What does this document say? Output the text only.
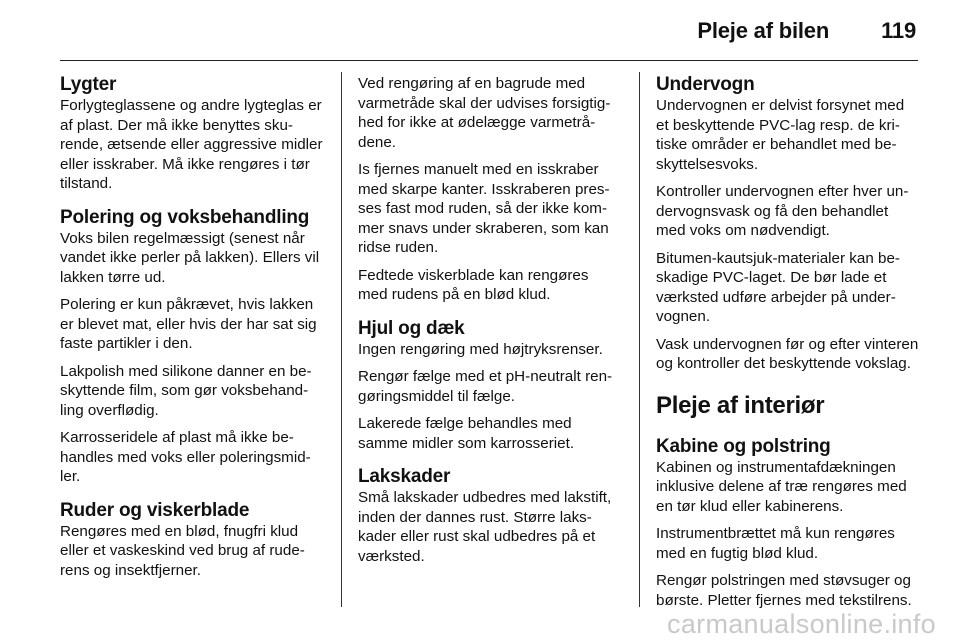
Pleje af bilen 119
Lygter

Forlygteglassene og andre lygteglas er af plast. Der må ikke benyttes skurende, ætsende eller aggressive midler eller isskraber. Må ikke rengøres i tør tilstand.

Polering og voksbehandling

Voks bilen regelmæssigt (senest når vandet ikke perler på lakken). Ellers vil lakken tørre ud.

Polering er kun påkrævet, hvis lakken er blevet mat, eller hvis der har sat sig faste partikler i den.

Lakpolish med silikone danner en beskyttende film, som gør voksbehandling overflødig.

Karrosseridele af plast må ikke behandles med voks eller poleringsmidler.

Ruder og viskerblade

Rengøres med en blød, fnugfri klud eller et vaskeskind ved brug af ruderens og insektfjerner.

Ved rengøring af en bagrude med varmetråde skal der udvises forsigtighed for ikke at ødelægge varmetrådene.

Is fjernes manuelt med en isskraber med skarpe kanter. Isskraberen presses fast mod ruden, så der ikke kommer snavs under skraberen, som kan ridse ruden.

Fedtede viskerblade kan rengøres med rudens på en blød klud.

Hjul og dæk

Ingen rengøring med højtryksrenser.

Rengør fælge med et pH-neutralt rengøringsmiddel til fælge.

Lakerede fælge behandles med samme midler som karrosseriet.

Lakskader

Små lakskader udbedres med lakstift, inden der dannes rust. Større lakskader eller rust skal udbedres på et værksted.

Undervogn

Undervognen er delvist forsynet med et beskyttende PVC-lag resp. de kritiske områder er behandlet med beskyttelsesvoks.

Kontroller undervognen efter hver undervognsvask og få den behandlet med voks om nødvendigt.

Bitumen-kautsjuk-materialer kan beskadige PVC-laget. De bør lade et værksted udføre arbejder på undervognen.

Vask undervognen før og efter vinteren og kontroller det beskyttende vokslag.

Pleje af interiør
Kabine og polstring

Kabinen og instrumentafdækningen inklusive delene af træ rengøres med en tør klud eller kabinerens.

Instrumentbrættet må kun rengøres med en fugtig blød klud.

Rengør polstringen med støvsuger og børste. Pletter fjernes med tekstilrens.

carmanualsonline.info
